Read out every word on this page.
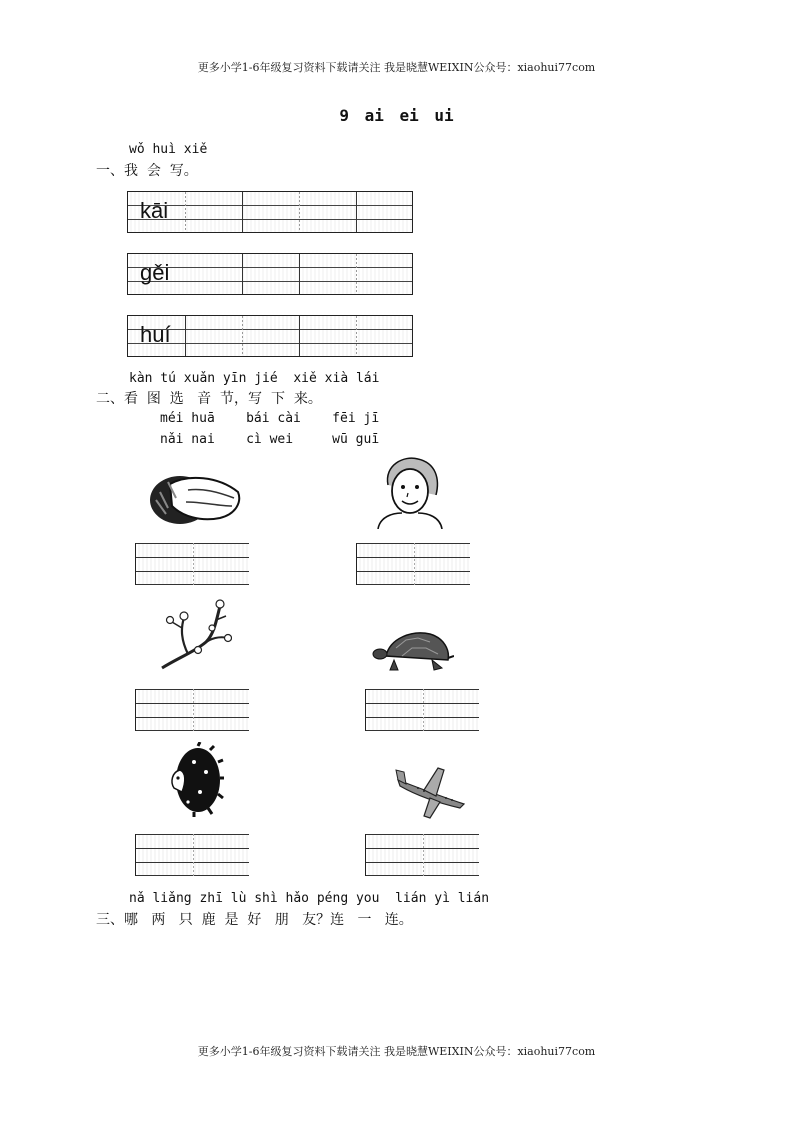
更多小学1-6年级复习资料下载请关注 我是晓慧WEIXIN公众号：xiaohui77com
9 ai ei ui
wǒ huì xiě
一、我  会  写。
kāi
gěi
huí
kàn tú xuǎn yīn jié  xiě xià lái
二、看  图  选   音  节，写  下  来。
méi huā    bái cài    fēi jī
nǎi nai    cì wei     wū guī
nǎ liǎng zhī lù shì hǎo péng you  lián yì lián
三、哪   两   只  鹿  是  好   朋   友？连   一   连。
更多小学1-6年级复习资料下载请关注 我是晓慧WEIXIN公众号：xiaohui77com
